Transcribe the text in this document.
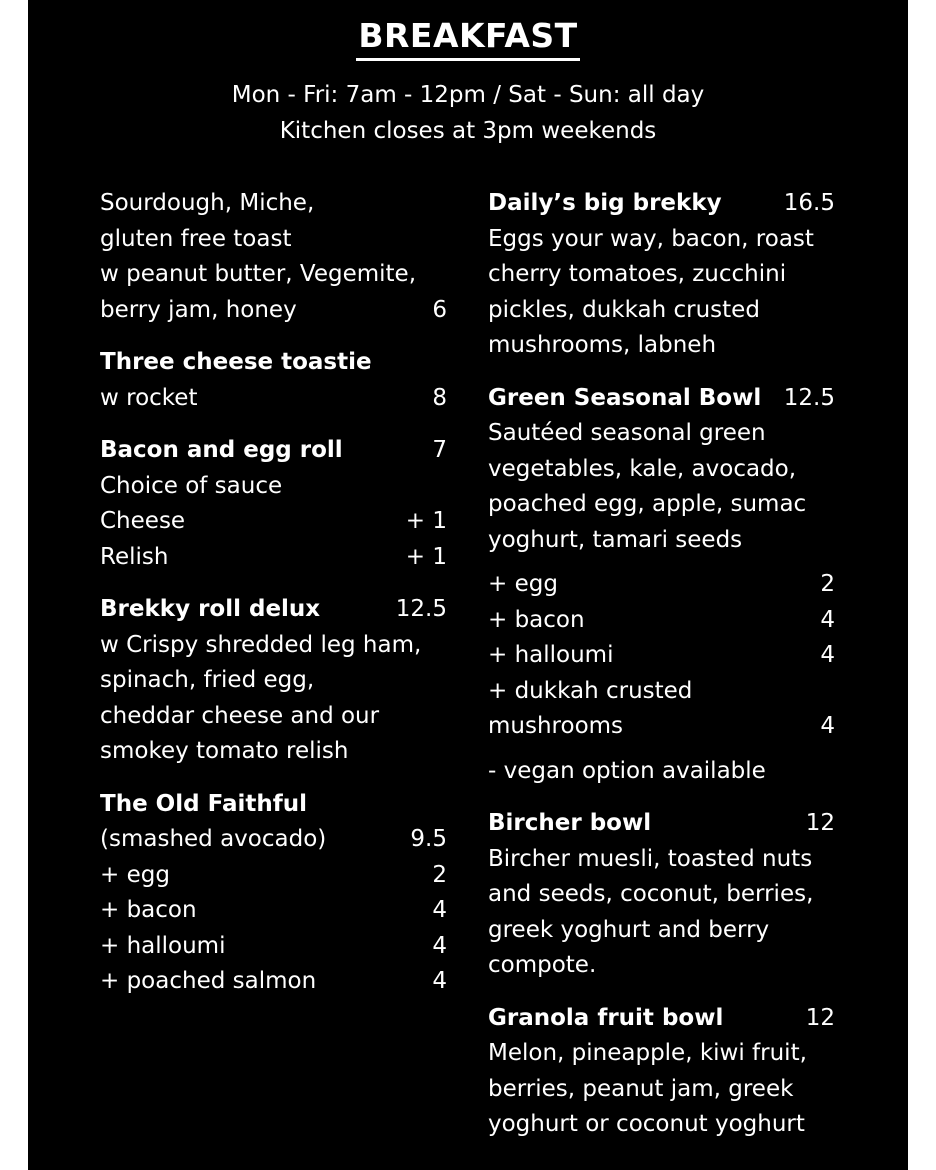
BREAKFAST
Mon - Fri: 7am - 12pm / Sat - Sun: all day
Kitchen closes at 3pm weekends
Sourdough, Miche,
gluten free toast
w peanut butter, Vegemite,
berry jam, honey	6
Three cheese toastie
w rocket	8
Bacon and egg roll	7
Choice of sauce
Cheese	+ 1
Relish	+ 1
Brekky roll delux	12.5
w Crispy shredded leg ham,
spinach, fried egg,
cheddar cheese and our
smokey tomato relish
The Old Faithful
(smashed avocado)	9.5
+ egg	2
+ bacon	4
+ halloumi	4
+ poached salmon	4
Daily’s big brekky	16.5
Eggs your way, bacon, roast
cherry tomatoes, zucchini
pickles, dukkah crusted
mushrooms, labneh
Green Seasonal Bowl 12.5
Sautéed seasonal green
vegetables, kale, avocado,
poached egg, apple, sumac
yoghurt, tamari seeds
+ egg	2
+ bacon	4
+ halloumi	4
+ dukkah crusted
mushrooms	4
- vegan option available
Bircher bowl	12
Bircher muesli, toasted nuts
and seeds, coconut, berries,
greek yoghurt and berry
compote.
Granola fruit bowl	12
Melon, pineapple, kiwi fruit,
berries, peanut jam, greek
yoghurt or coconut yoghurt
